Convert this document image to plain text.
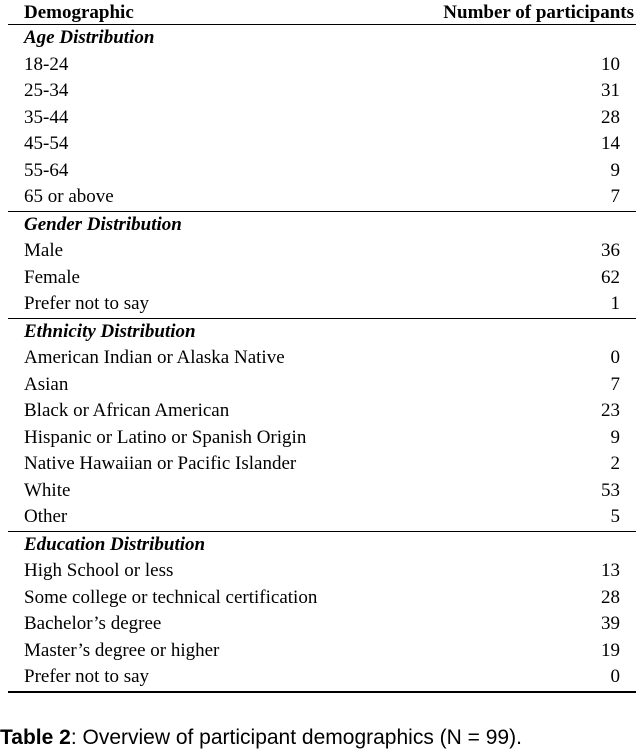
Demographic	Number of participants
Age Distribution
18-24	10
25-34	31
35-44	28
45-54	14
55-64	9
65 or above	7
Gender Distribution
Male	36
Female	62
Prefer not to say	1
Ethnicity Distribution
American Indian or Alaska Native	0
Asian	7
Black or African American	23
Hispanic or Latino or Spanish Origin	9
Native Hawaiian or Pacific Islander	2
White	53
Other	5
Education Distribution
High School or less	13
Some college or technical certification	28
Bachelor’s degree	39
Master’s degree or higher	19
Prefer not to say	0
Table 2: Overview of participant demographics (N = 99).
